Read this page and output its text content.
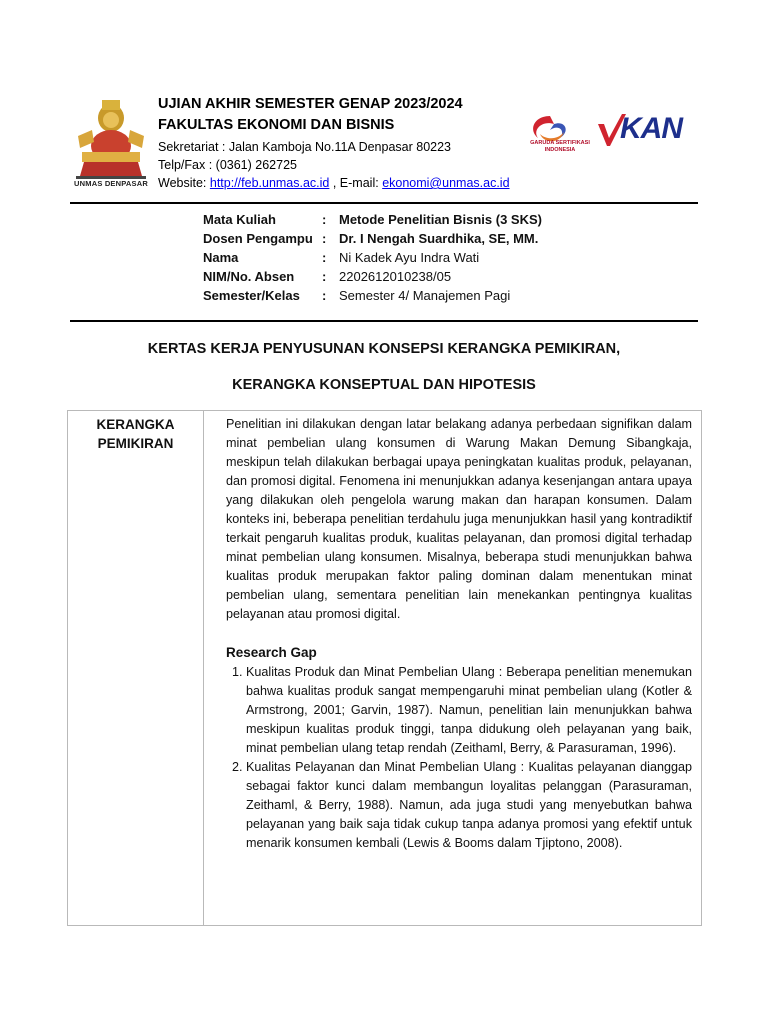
UNMAS DENPASAR
UJIAN AKHIR SEMESTER GENAP 2023/2024
FAKULTAS EKONOMI DAN BISNIS
Sekretariat : Jalan Kamboja No.11A Denpasar 80223
Telp/Fax : (0361) 262725
Website: http://feb.unmas.ac.id , E-mail: ekonomi@unmas.ac.id
GARUDA SERTIFIKASI INDONESIA
KAN
Mata Kuliah	: Metode Penelitian Bisnis (3 SKS)
Dosen Pengampu : Dr. I Nengah Suardhika, SE, MM.
Nama	: Ni Kadek Ayu Indra Wati
NIM/No. Absen	: 2202612010238/05
Semester/Kelas	: Semester 4/ Manajemen Pagi
KERTAS KERJA PENYUSUNAN KONSEPSI KERANGKA PEMIKIRAN,
KERANGKA KONSEPTUAL DAN HIPOTESIS
KERANGKA
PEMIKIRAN

Penelitian ini dilakukan dengan latar belakang adanya perbedaan signifikan dalam minat pembelian ulang konsumen di Warung Makan Demung Sibangkaja, meskipun telah dilakukan berbagai upaya peningkatan kualitas produk, pelayanan, dan promosi digital. Fenomena ini menunjukkan adanya kesenjangan antara upaya yang dilakukan oleh pengelola warung makan dan harapan konsumen. Dalam konteks ini, beberapa penelitian terdahulu juga menunjukkan hasil yang kontradiktif terkait pengaruh kualitas produk, kualitas pelayanan, dan promosi digital terhadap minat pembelian ulang konsumen. Misalnya, beberapa studi menunjukkan bahwa kualitas produk merupakan faktor paling dominan dalam menentukan minat pembelian ulang, sementara penelitian lain menekankan pentingnya kualitas pelayanan atau promosi digital.

Research Gap

1. Kualitas Produk dan Minat Pembelian Ulang : Beberapa penelitian menemukan bahwa kualitas produk sangat mempengaruhi minat pembelian ulang (Kotler & Armstrong, 2001; Garvin, 1987). Namun, penelitian lain menunjukkan bahwa meskipun kualitas produk tinggi, tanpa didukung oleh pelayanan yang baik, minat pembelian ulang tetap rendah (Zeithaml, Berry, & Parasuraman, 1996).
2. Kualitas Pelayanan dan Minat Pembelian Ulang : Kualitas pelayanan dianggap sebagai faktor kunci dalam membangun loyalitas pelanggan (Parasuraman, Zeithaml, & Berry, 1988). Namun, ada juga studi yang menyebutkan bahwa pelayanan yang baik saja tidak cukup tanpa adanya promosi yang efektif untuk menarik konsumen kembali (Lewis & Booms dalam Tjiptono, 2008).
